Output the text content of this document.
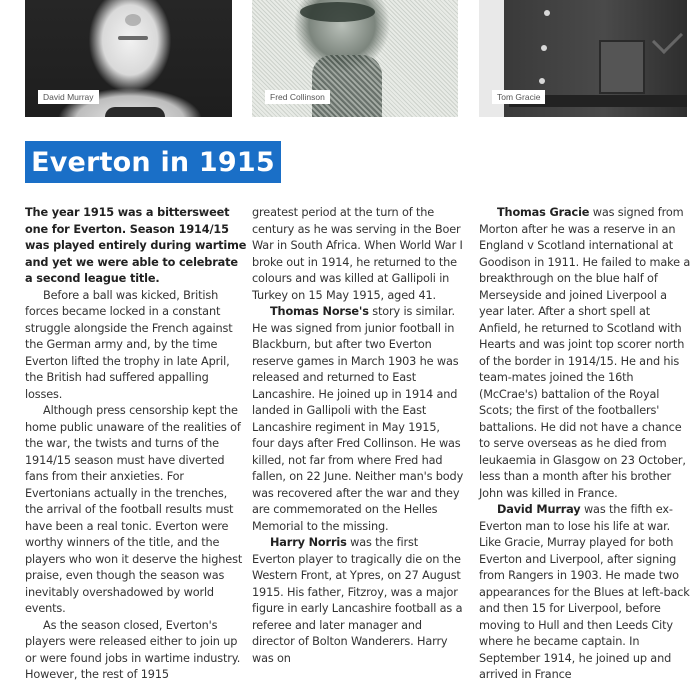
David Murray	Fred Collinson	Tom Gracie
Everton in 1915

The year 1915 was a bittersweet one for Everton. Season 1914/15 was played entirely during wartime and yet we were able to celebrate a second league title.

Before a ball was kicked, British forces became locked in a constant struggle alongside the French against the German army and, by the time Everton lifted the trophy in late April, the British had suffered appalling losses.

Although press censorship kept the home public unaware of the realities of the war, the twists and turns of the 1914/15 season must have diverted fans from their anxieties. For Evertonians actually in the trenches, the arrival of the football results must have been a real tonic. Everton were worthy winners of the title, and the players who won it deserve the highest praise, even though the season was inevitably overshadowed by world events.

As the season closed, Everton's players were released either to join up or were found jobs in wartime industry. However, the rest of 1915

greatest period at the turn of the century as he was serving in the Boer War in South Africa. When World War I broke out in 1914, he returned to the colours and was killed at Gallipoli in Turkey on 15 May 1915, aged 41.

Thomas Norse's story is similar. He was signed from junior football in Blackburn, but after two Everton reserve games in March 1903 he was released and returned to East Lancashire. He joined up in 1914 and landed in Gallipoli with the East Lancashire regiment in May 1915, four days after Fred Collinson. He was killed, not far from where Fred had fallen, on 22 June. Neither man's body was recovered after the war and they are commemorated on the Helles Memorial to the missing.

Harry Norris was the first Everton player to tragically die on the Western Front, at Ypres, on 27 August 1915. His father, Fitzroy, was a major figure in early Lancashire football as a referee and later manager and director of Bolton Wanderers. Harry was on

Thomas Gracie was signed from Morton after he was a reserve in an England v Scotland international at Goodison in 1911. He failed to make a breakthrough on the blue half of Merseyside and joined Liverpool a year later. After a short spell at Anfield, he returned to Scotland with Hearts and was joint top scorer north of the border in 1914/15. He and his team-mates joined the 16th (McCrae's) battalion of the Royal Scots; the first of the footballers' battalions. He did not have a chance to serve overseas as he died from leukaemia in Glasgow on 23 October, less than a month after his brother John was killed in France.

David Murray was the fifth ex-Everton man to lose his life at war. Like Gracie, Murray played for both Everton and Liverpool, after signing from Rangers in 1903. He made two appearances for the Blues at left-back and then 15 for Liverpool, before moving to Hull and then Leeds City where he became captain. In September 1914, he joined up and arrived in France
